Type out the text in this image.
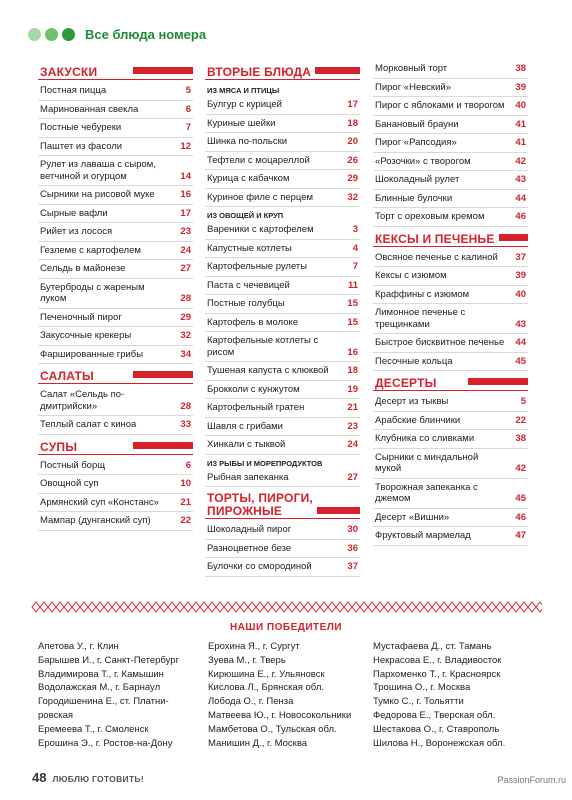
Все блюда номера
ЗАКУСКИ
Постная пицца	5
Маринованная свекла	6
Постные чебуреки	7
Паштет из фасоли	12
Рулет из лаваша с сыром, ветчиной и огурцом	14
Сырники на рисовой муке	16
Сырные вафли	17
Рийет из лосося	23
Гезлеме с картофелем	24
Сельдь в майонезе	27
Бутерброды с жареным луком	28
Печеночный пирог	29
Закусочные крекеры	32
Фаршированные грибы	34
САЛАТЫ
Салат «Сельдь по-дмитрийски»	28
Теплый салат с киноа	33
СУПЫ
Постный борщ	6
Овощной суп	10
Армянский суп «Констанс»	21
Мампар (дунганский суп)	22
ВТОРЫЕ БЛЮДА
ИЗ МЯСА И ПТИЦЫ
Булгур с курицей	17
Куриные шейки	18
Шинка по-польски	20
Тефтели с моцареллой	26
Курица с кабачком	29
Куриное филе с перцем	32
ИЗ ОВОЩЕЙ И КРУП
Вареники с картофелем	3
Капустные котлеты	4
Картофельные рулеты	7
Паста с чечевицей	11
Постные голубцы	15
Картофель в молоке	15
Картофельные котлеты с рисом	16
Тушеная капуста с клюквой	18
Брокколи с кунжутом	19
Картофельный гратен	21
Шавля с грибами	23
Хинкали с тыквой	24
ИЗ РЫБЫ И МОРЕПРОДУКТОВ
Рыбная запеканка	27
ТОРТЫ, ПИРОГИ, ПИРОЖНЫЕ
Шоколадный пирог	30
Разноцветное безе	36
Булочки со смородиной	37
Морковный торт	38
Пирог «Невский»	39
Пирог с яблоками и творогом	40
Банановый брауни	41
Пирог «Рапсодия»	41
«Розочки» с творогом	42
Шоколадный рулет	43
Блинные булочки	44
Торт с ореховым кремом	46
КЕКСЫ И ПЕЧЕНЬЕ
Овсяное печенье с калиной	37
Кексы с изюмом	39
Краффины с изюмом	40
Лимонное печенье с трещинками	43
Быстрое бисквитное печенье	44
Песочные кольца	45
ДЕСЕРТЫ
Десерт из тыквы	5
Арабские блинчики	22
Клубника со сливками	38
Сырники с миндальной мукой	42
Творожная запеканка с джемом	45
Десерт «Вишни»	46
Фруктовый мармелад	47
НАШИ ПОБЕДИТЕЛИ
Апетова У., г. Клин
Барышев И., г. Санкт-Петербург
Владимирова Т., г. Камышин
Водолажская М., г. Барнаул
Городишенина Е., ст. Платни-
ровская
Еремеева Т., г. Смоленск
Ерошина Э., г. Ростов-на-Дону
Ерохина Я., г. Сургут
Зуева М., г. Тверь
Кирюшина Е., г. Ульяновск
Кислова Л., Брянская обл.
Лобода О., г. Пенза
Матвеева Ю., г. Новосокольники
Мамбетова О., Тульская обл.
Манишин Д., г. Москва
Мустафаева Д., ст. Тамань
Некрасова Е., г. Владивосток
Пархоменко Т., г. Красноярск
Трошина О., г. Москва
Тумко С., г. Тольятти
Федорова Е., Тверская обл.
Шестакова О., г. Ставрополь
Шилова Н., Воронежская обл.
48 ЛЮБЛЮ ГОТОВИТЬ!	PassionForum.ru
